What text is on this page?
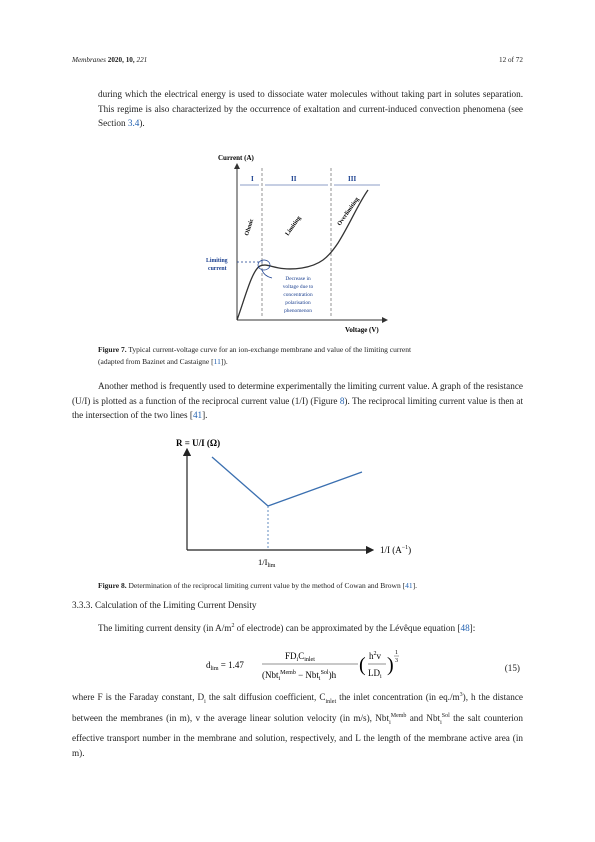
Membranes 2020, 10, 221	12 of 72
during which the electrical energy is used to dissociate water molecules without taking part in solutes separation. This regime is also characterized by the occurrence of exaltation and current-induced convection phenomena (see Section 3.4).
Current (A)
Voltage (V)
I	II	III
Limiting
current
Ohmic	Limiting	Overlimiting
Decrease in
voltage due to
concentration
polarisation
phenomenon
Figure 7. Typical current-voltage curve for an ion-exchange membrane and value of the limiting current
(adapted from Bazinet and Castaigne [11]).
Another method is frequently used to determine experimentally the limiting current value. A graph of the resistance (U/I) is plotted as a function of the reciprocal current value (1/I) (Figure 8). The reciprocal limiting current value is then at the intersection of the two lines [41].
R = U/I (Ω)
1/I $(A^{-1})$
$1/I_{lim}$
Figure 8. Determination of the reciprocal limiting current value by the method of Cowan and Brown [41].
3.3.3. Calculation of the Limiting Current Density
The limiting current density (in $A/m^2$ of electrode) can be approximated by the Lévêque equation [48]:
$d_{lim} = 1.47$
$FD_iC_{inlet}$
(Nbt$_i^{Memb}$ − Nbt$_i^{Sol}$)h ( $h^2v$
$LD_i$
)
1
3
(15)
where F is the Faraday constant, $D_i$ the salt diffusion coefficient, $C_{inlet}$ the inlet concentration (in $eq./m^3$), h the distance between the membranes (in m), v the average linear solution velocity (in m/s), Nbt$_i^{Memb}$ and Nbt$_i^{Sol}$ the salt counterion effective transport number in the membrane and solution, respectively, and L the length of the membrane active area (in m).
